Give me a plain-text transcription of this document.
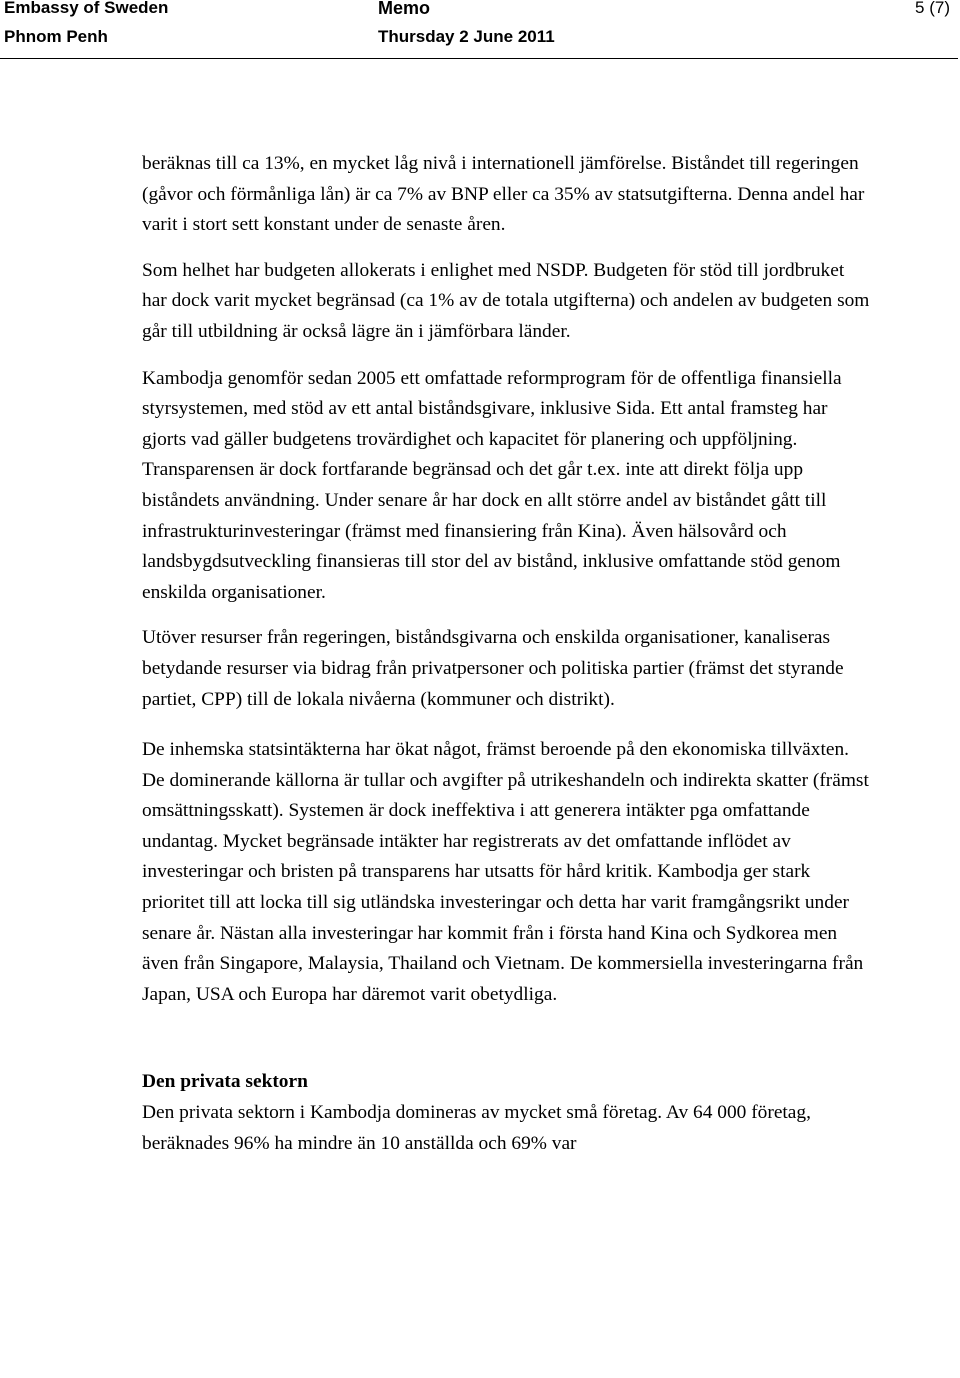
Embassy of Sweden	Memo	5 (7)
Phnom Penh	Thursday 2 June 2011

beräknas till ca 13%, en mycket låg nivå i internationell jämförelse. Biståndet till regeringen (gåvor och förmånliga lån) är ca 7% av BNP eller ca 35% av statsutgifterna. Denna andel har varit i stort sett konstant under de senaste åren.

Som helhet har budgeten allokerats i enlighet med NSDP. Budgeten för stöd till jordbruket har dock varit mycket begränsad (ca 1% av de totala utgifterna) och andelen av budgeten som går till utbildning är också lägre än i jämförbara länder.

Kambodja genomför sedan 2005 ett omfattade reformprogram för de offentliga finansiella styrsystemen, med stöd av ett antal biståndsgivare, inklusive Sida. Ett antal framsteg har gjorts vad gäller budgetens trovärdighet och kapacitet för planering och uppföljning. Transparensen är dock fortfarande begränsad och det går t.ex. inte att direkt följa upp biståndets användning. Under senare år har dock en allt större andel av biståndet gått till infrastrukturinvesteringar (främst med finansiering från Kina). Även hälsovård och landsbygdsutveckling finansieras till stor del av bistånd, inklusive omfattande stöd genom enskilda organisationer.

Utöver resurser från regeringen, biståndsgivarna och enskilda organisationer, kanaliseras betydande resurser via bidrag från privatpersoner och politiska partier (främst det styrande partiet, CPP) till de lokala nivåerna (kommuner och distrikt).

De inhemska statsintäkterna har ökat något, främst beroende på den ekonomiska tillväxten. De dominerande källorna är tullar och avgifter på utrikeshandeln och indirekta skatter (främst omsättningsskatt). Systemen är dock ineffektiva i att generera intäkter pga omfattande undantag. Mycket begränsade intäkter har registrerats av det omfattande inflödet av investeringar och bristen på transparens har utsatts för hård kritik. Kambodja ger stark prioritet till att locka till sig utländska investeringar och detta har varit framgångsrikt under senare år. Nästan alla investeringar har kommit från i första hand Kina och Sydkorea men även från Singapore, Malaysia, Thailand och Vietnam. De kommersiella investeringarna från Japan, USA och Europa har däremot varit obetydliga.

Den privata sektorn

Den privata sektorn i Kambodja domineras av mycket små företag. Av 64 000 företag, beräknades 96% ha mindre än 10 anställda och 69% var
